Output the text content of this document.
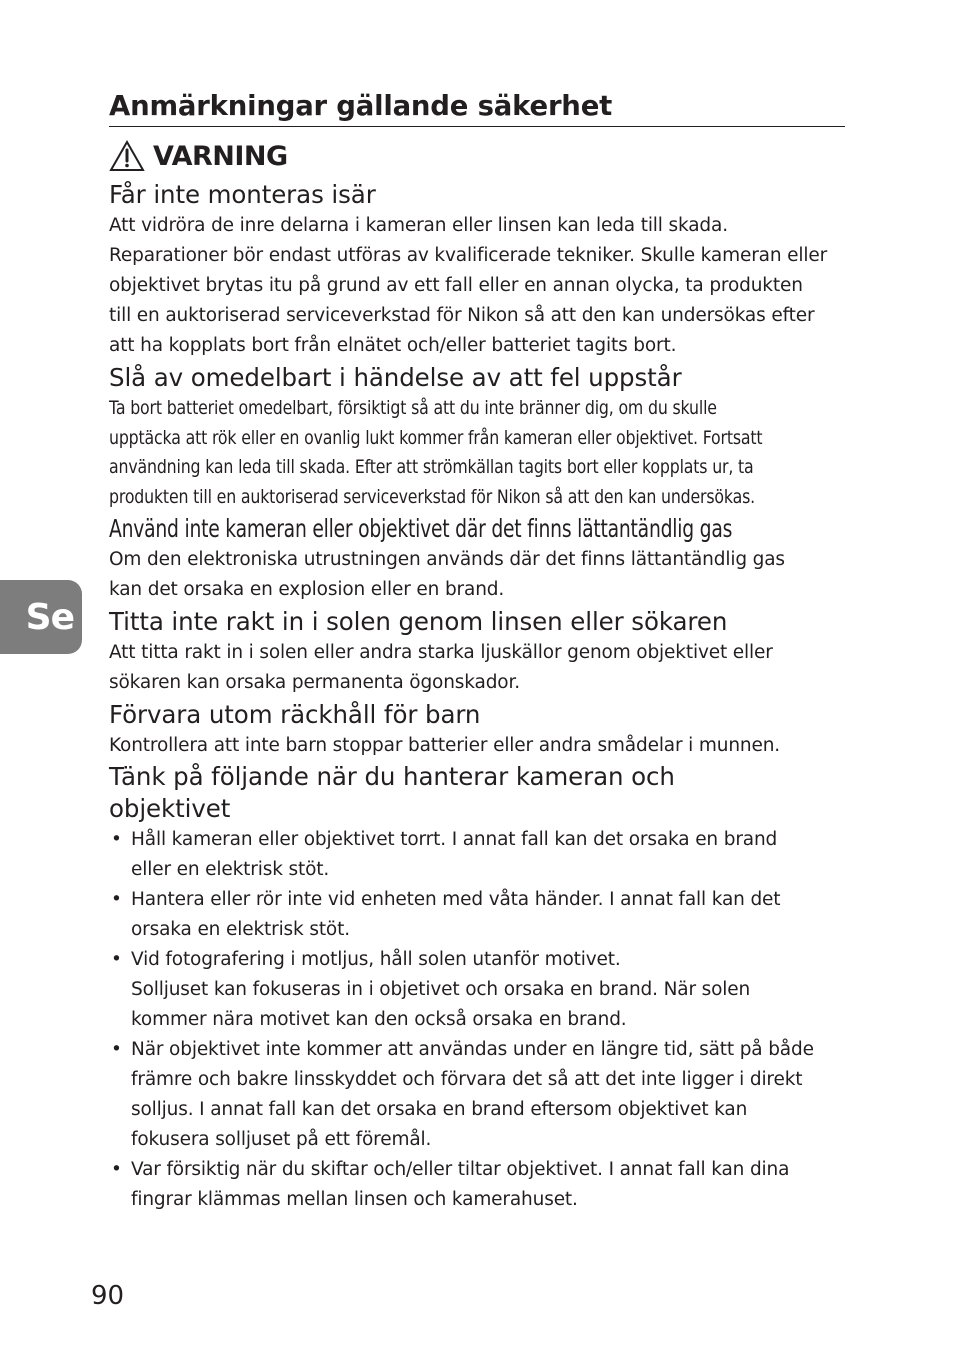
Anmärkningar gällande säkerhet
VARNING
Får inte monteras isär

Att vidröra de inre delarna i kameran eller linsen kan leda till skada.
Reparationer bör endast utföras av kvalificerade tekniker. Skulle kameran eller
objektivet brytas itu på grund av ett fall eller en annan olycka, ta produkten
till en auktoriserad serviceverkstad för Nikon så att den kan undersökas efter
att ha kopplats bort från elnätet och/eller batteriet tagits bort.

Slå av omedelbart i händelse av att fel uppstår

Ta bort batteriet omedelbart, försiktigt så att du inte bränner dig, om du skulle
upptäcka att rök eller en ovanlig lukt kommer från kameran eller objektivet. Fortsatt
användning kan leda till skada. Efter att strömkällan tagits bort eller kopplats ur, ta
produkten till en auktoriserad serviceverkstad för Nikon så att den kan undersökas.

Använd inte kameran eller objektivet där det finns lättantändlig gas

Om den elektroniska utrustningen används där det finns lättantändlig gas
kan det orsaka en explosion eller en brand.

Titta inte rakt in i solen genom linsen eller sökaren

Att titta rakt in i solen eller andra starka ljuskällor genom objektivet eller
sökaren kan orsaka permanenta ögonskador.

Förvara utom räckhåll för barn

Kontrollera att inte barn stoppar batterier eller andra smådelar i munnen.

Tänk på följande när du hanterar kameran och
objektivet
• Håll kameran eller objektivet torrt. I annat fall kan det orsaka en brand
eller en elektrisk stöt.
• Hantera eller rör inte vid enheten med våta händer. I annat fall kan det
orsaka en elektrisk stöt.
• Vid fotografering i motljus, håll solen utanför motivet.
Solljuset kan fokuseras in i objetivet och orsaka en brand. När solen
kommer nära motivet kan den också orsaka en brand.
• När objektivet inte kommer att användas under en längre tid, sätt på både
främre och bakre linsskyddet och förvara det så att det inte ligger i direkt
solljus. I annat fall kan det orsaka en brand eftersom objektivet kan
fokusera solljuset på ett föremål.
• Var försiktig när du skiftar och/eller tiltar objektivet. I annat fall kan dina
fingrar klämmas mellan linsen och kamerahuset.
Se
90
